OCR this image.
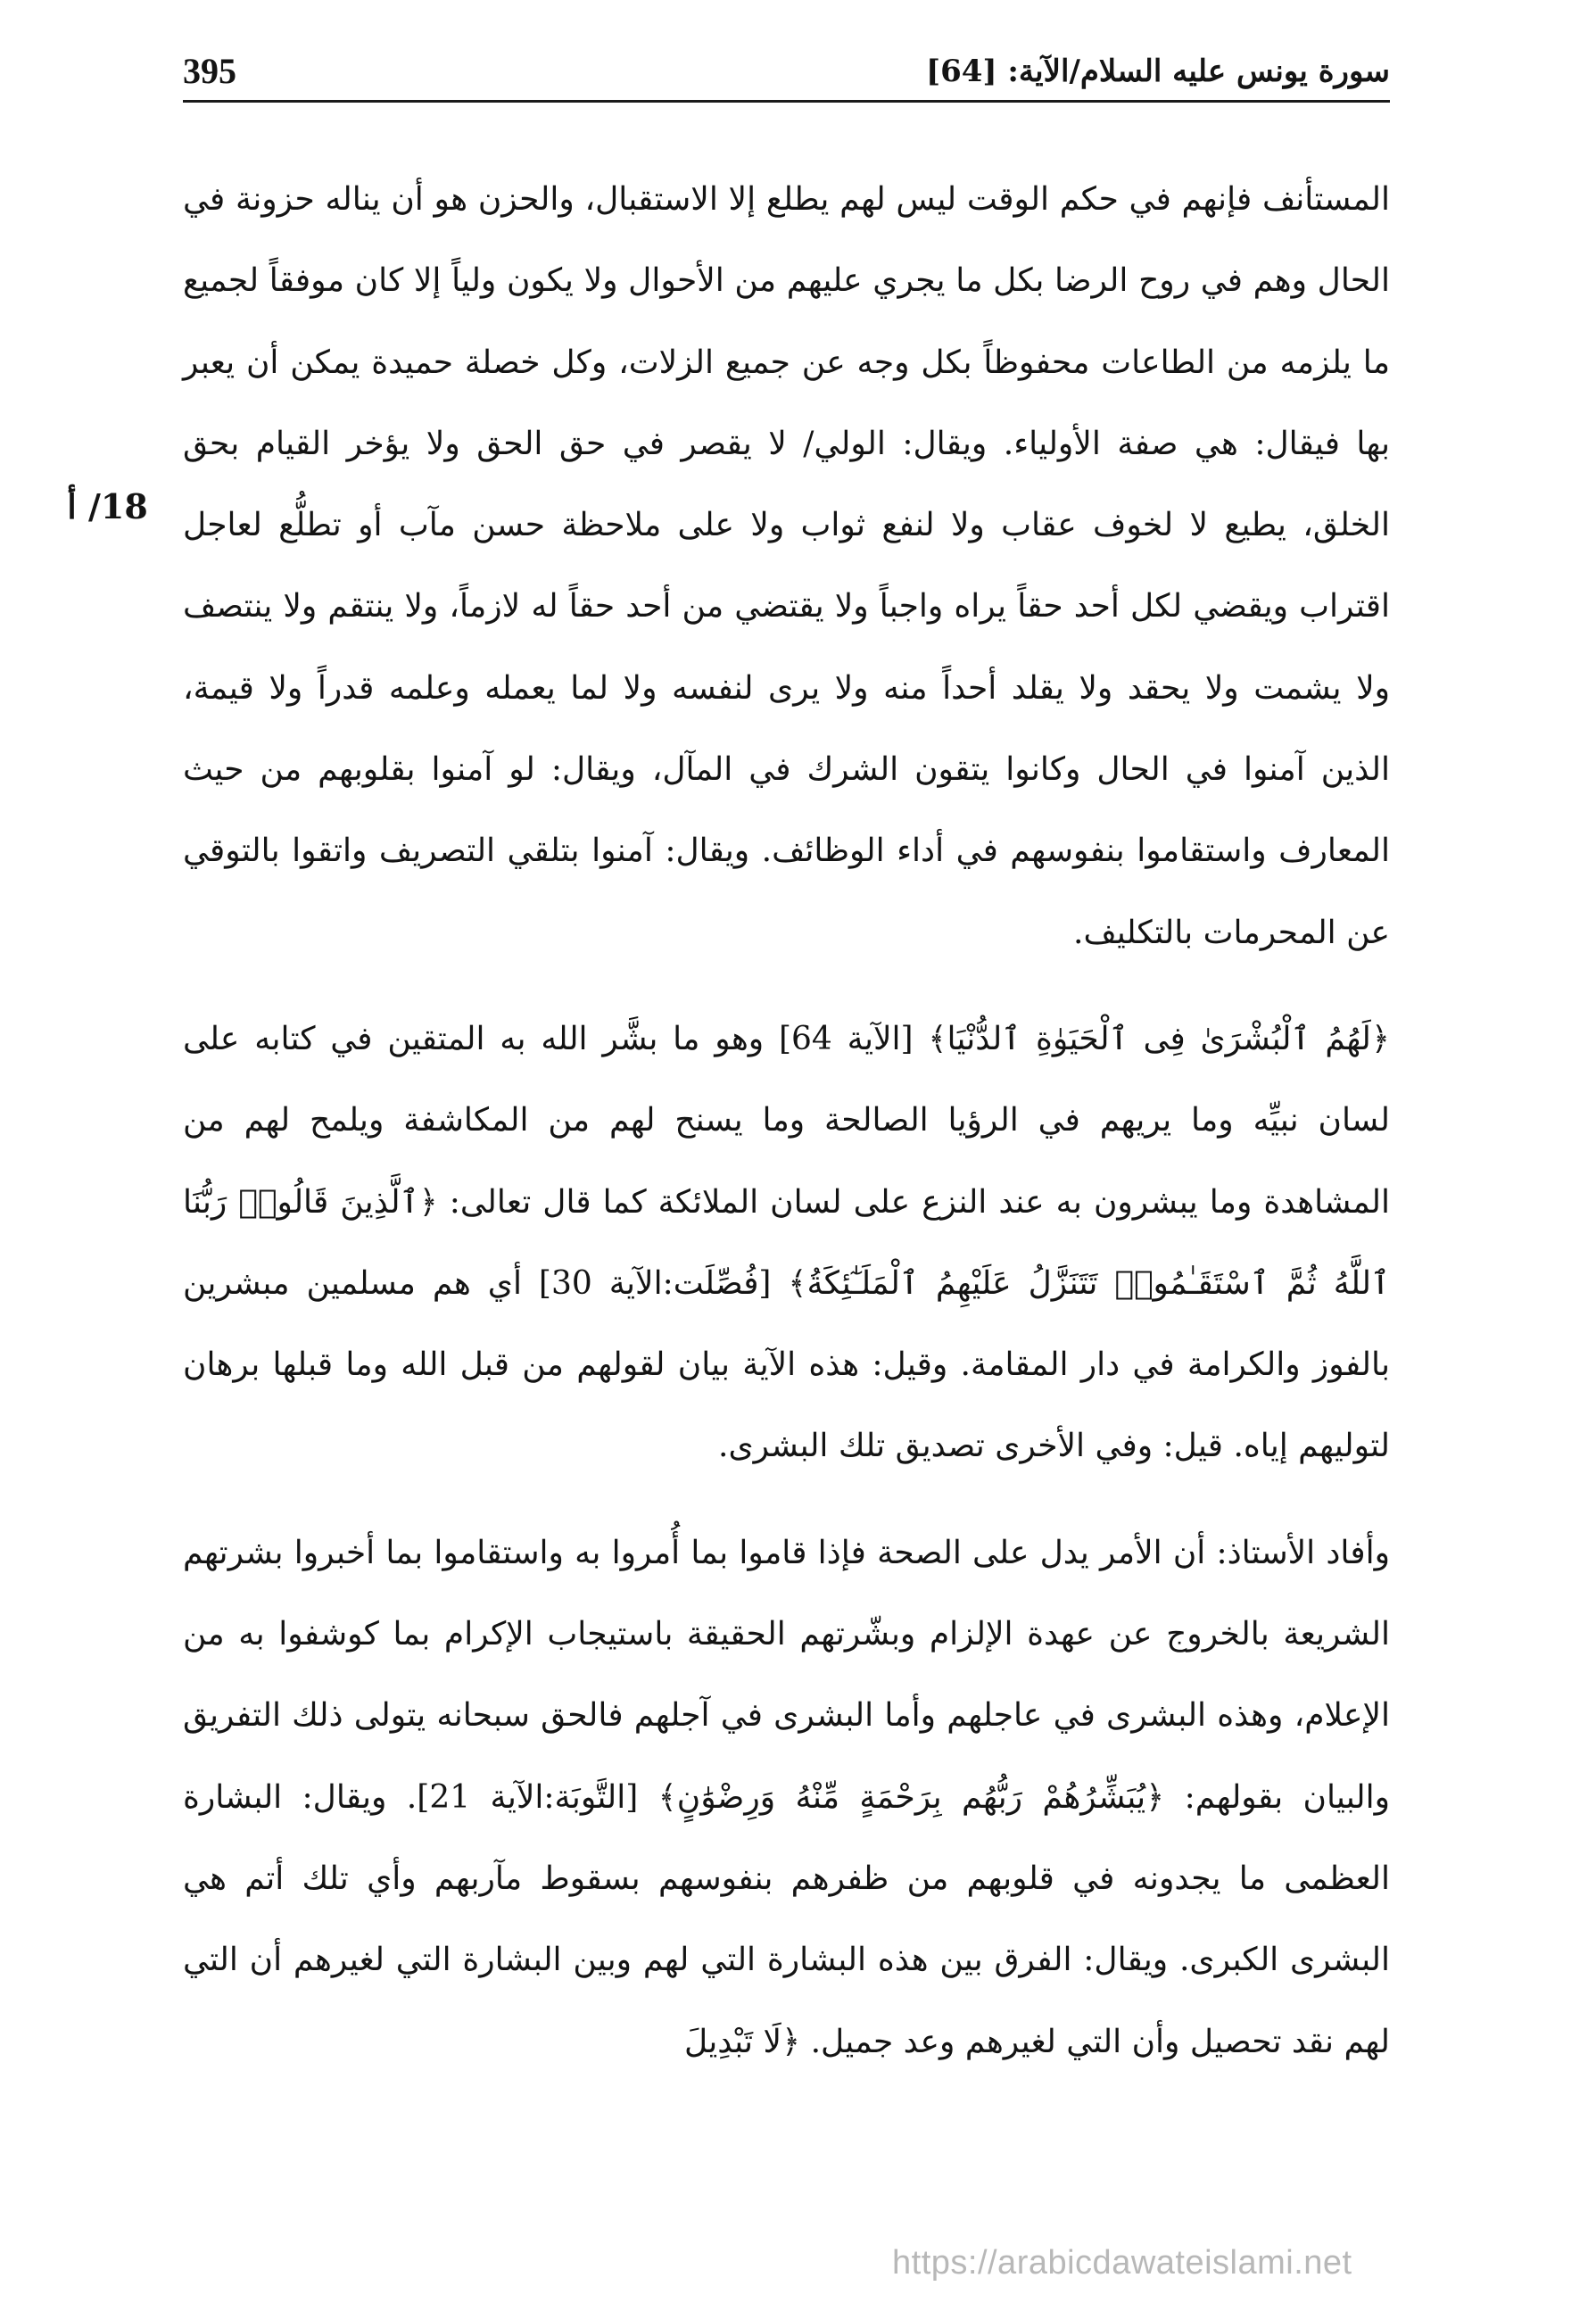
395	سورة يونس عليه السلام/الآية: [64]
18/ أ

المستأنف فإنهم في حكم الوقت ليس لهم يطلع إلا الاستقبال، والحزن هو أن يناله حزونة في الحال وهم في روح الرضا بكل ما يجري عليهم من الأحوال ولا يكون ولياً إلا كان موفقاً لجميع ما يلزمه من الطاعات محفوظاً بكل وجه عن جميع الزلات، وكل خصلة حميدة يمكن أن يعبر بها فيقال: هي صفة الأولياء. ويقال: الولي/ لا يقصر في حق الحق ولا يؤخر القيام بحق الخلق، يطيع لا لخوف عقاب ولا لنفع ثواب ولا على ملاحظة حسن مآب أو تطلُّع لعاجل اقتراب ويقضي لكل أحد حقاً يراه واجباً ولا يقتضي من أحد حقاً له لازماً، ولا ينتقم ولا ينتصف ولا يشمت ولا يحقد ولا يقلد أحداً منه ولا يرى لنفسه ولا لما يعمله وعلمه قدراً ولا قيمة، الذين آمنوا في الحال وكانوا يتقون الشرك في المآل، ويقال: لو آمنوا بقلوبهم من حيث المعارف واستقاموا بنفوسهم في أداء الوظائف. ويقال: آمنوا بتلقي التصريف واتقوا بالتوقي عن المحرمات بالتكليف.

﴿لَهُمُ ٱلْبُشْرَىٰ فِى ٱلْحَيَوٰةِ ٱلدُّنْيَا﴾ [الآية 64] وهو ما بشَّر الله به المتقين في كتابه على لسان نبيِّه وما يريهم في الرؤيا الصالحة وما يسنح لهم من المكاشفة ويلمح لهم من المشاهدة وما يبشرون به عند النزع على لسان الملائكة كما قال تعالى: ﴿ٱلَّذِينَ قَالُوا۟ رَبُّنَا ٱللَّهُ ثُمَّ ٱسْتَقَـٰمُوا۟ تَتَنَزَّلُ عَلَيْهِمُ ٱلْمَلَـٰٓئِكَةُ﴾ [فُصِّلَت:الآية 30] أي هم مسلمين مبشرين بالفوز والكرامة في دار المقامة. وقيل: هذه الآية بيان لقولهم من قبل الله وما قبلها برهان لتوليهم إياه. قيل: وفي الأخرى تصديق تلك البشرى.

وأفاد الأستاذ: أن الأمر يدل على الصحة فإذا قاموا بما أُمروا به واستقاموا بما أخبروا بشرتهم الشريعة بالخروج عن عهدة الإلزام وبشّرتهم الحقيقة باستيجاب الإكرام بما كوشفوا به من الإعلام، وهذه البشرى في عاجلهم وأما البشرى في آجلهم فالحق سبحانه يتولى ذلك التفريق والبيان بقولهم: ﴿يُبَشِّرُهُمْ رَبُّهُم بِرَحْمَةٍ مِّنْهُ وَرِضْوَٰنٍ﴾ [التَّوبَة:الآية 21]. ويقال: البشارة العظمى ما يجدونه في قلوبهم من ظفرهم بنفوسهم بسقوط مآربهم وأي تلك أتم هي البشرى الكبرى. ويقال: الفرق بين هذه البشارة التي لهم وبين البشارة التي لغيرهم أن التي لهم نقد تحصيل وأن التي لغيرهم وعد جميل. ﴿لَا تَبْدِيلَ

https://arabicdawateislami.net
